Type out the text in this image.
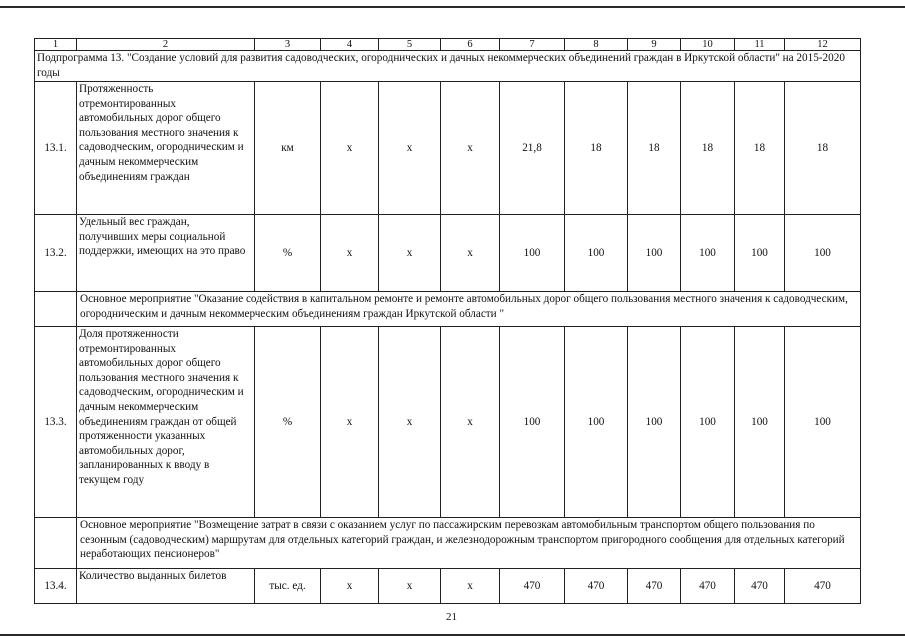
1	2	3	4	5	6	7	8	9	10	11	12
Подпрограмма 13. "Создание условий для развития садоводческих, огороднических и дачных некоммерческих объединений граждан в Иркутской области" на 2015-2020 годы											
13.1.	Протяженность отремонтированных автомобильных дорог общего пользования местного значения к садоводческим, огородническим и дачным некоммерческим объединениям граждан	км	х	х	х	21,8	18	18	18	18	18
13.2.	Удельный вес граждан, получивших меры социальной поддержки, имеющих на это право	%	х	х	х	100	100	100	100	100	100
	Основное мероприятие "Оказание содействия в капитальном ремонте и ремонте автомобильных дорог общего пользования местного значения к садоводческим, огородническим и дачным некоммерческим объединениям граждан Иркутской области "										
13.3.	Доля протяженности отремонтированных автомобильных дорог общего пользования местного значения к садоводческим, огородническим и дачным некоммерческим объединениям граждан от общей протяженности указанных автомобильных дорог, запланированных к вводу в текущем году	%	х	х	х	100	100	100	100	100	100
	Основное мероприятие "Возмещение затрат в связи с оказанием услуг по пассажирским перевозкам автомобильным транспортом общего пользования по сезонным (садоводческим) маршрутам для отдельных категорий граждан, и железнодорожным транспортом пригородного сообщения для отдельных категорий неработающих пенсионеров"										
13.4.	Количество выданных билетов	тыс. ед.	х	х	х	470	470	470	470	470	470
21
